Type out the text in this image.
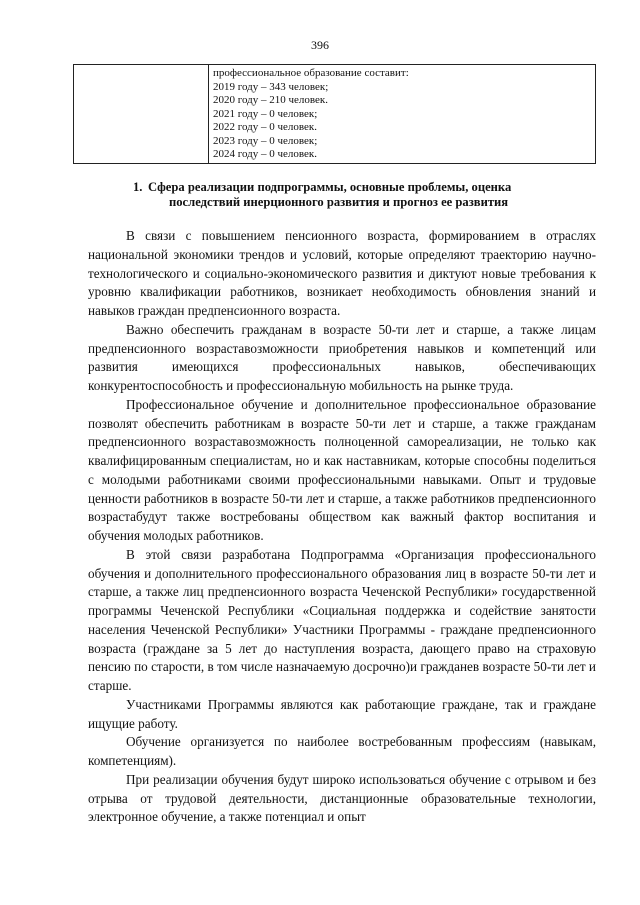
396

профессиональное образование составит:
2019 году – 343 человек;
2020 году – 210 человек.
2021 году – 0 человек;
2022 году – 0 человек.
2023 году – 0 человек;
2024 году – 0 человек.
1. Сфера реализации подпрограммы, основные проблемы, оценка
последствий инерционного развития и прогноз ее развития

В связи с повышением пенсионного возраста, формированием в отраслях национальной экономики трендов и условий, которые определяют траекторию научно-технологического и социально-экономического развития и диктуют новые требования к уровню квалификации работников, возникает необходимость обновления знаний и навыков граждан предпенсионного возраста.

Важно обеспечить гражданам в возрасте 50-ти лет и старше, а также лицам предпенсионного возраставозможности приобретения навыков и компетенций или развития имеющихся профессиональных навыков, обеспечивающих конкурентоспособность и профессиональную мобильность на рынке труда.

Профессиональное обучение и дополнительное профессиональное образование позволят обеспечить работникам в возрасте 50-ти лет и старше, а также гражданам предпенсионного возраставозможность полноценной самореализации, не только как квалифицированным специалистам, но и как наставникам, которые способны поделиться с молодыми работниками своими профессиональными навыками. Опыт и трудовые ценности работников в возрасте 50-ти лет и старше, а также работников предпенсионного возрастабудут также востребованы обществом как важный фактор воспитания и обучения молодых работников.

В этой связи разработана Подпрограмма «Организация профессионального обучения и дополнительного профессионального образования лиц в возрасте 50-ти лет и старше, а также лиц предпенсионного возраста Чеченской Республики» государственной программы Чеченской Республики «Социальная поддержка и содействие занятости населения Чеченской Республики» Участники Программы - граждане предпенсионного возраста (граждане за 5 лет до наступления возраста, дающего право на страховую пенсию по старости, в том числе назначаемую досрочно)и гражданев возрасте 50-ти лет и старше.

Участниками Программы являются как работающие граждане, так и граждане ищущие работу.

Обучение организуется по наиболее востребованным профессиям (навыкам, компетенциям).

При реализации обучения будут широко использоваться обучение с отрывом и без отрыва от трудовой деятельности, дистанционные образовательные технологии, электронное обучение, а также потенциал и опыт
